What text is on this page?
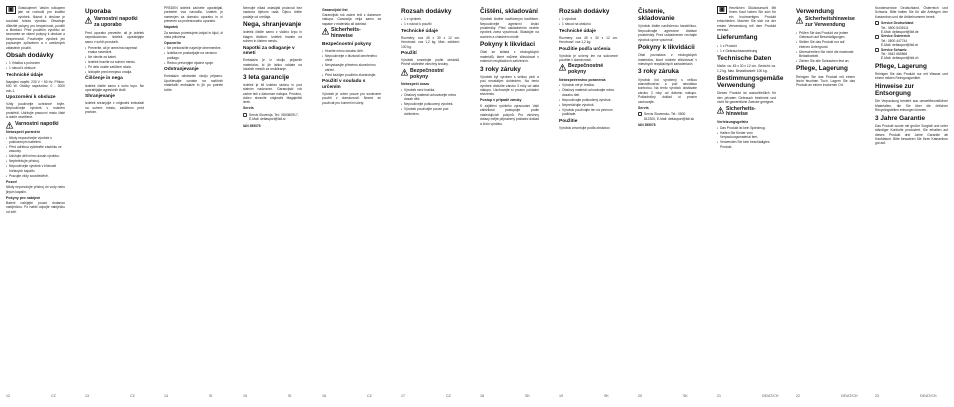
▣	Gratulujeme! Vaším nákupem jste se rozhodli pro kvalitní výrobek. Návod k obsluze je součástí tohoto výrobku. Obsahuje důležité pokyny pro bezpečnost, použití a likvidaci. Před použitím výrobku se seznamte se všemi pokyny k obsluze a bezpečnosti. Používejte výrobek jen popsaným způsobem a v uvedených oblastech použití.

Obsah dodávky
▪ 1 Vrtačka s pohonem
▪ 1 návod k obsluze
Technické údaje

Napájecí napětí: 230 V ~ 50 Hz. Příkon: 600 W. Otáčky naprázdno: 0 - 3000 min-1.

Upozornění k obsluze

Vždy používejte ochranné brýle. Nepoužívejte výrobek v mokrém prostředí. Udržujte pracovní místo čisté a dobře osvětlené.

Varnostni napotki
Nebezpečí poranění
▪ Nikdy nepoužívejte výrobek s poškozeným kabelem.
▪ Před údržbou vytáhněte zástrčku ze zásuvky.
▪ Udržujte děti mimo dosah výrobku.
▪ Nepřetěžujte přístroj.
▪ Nepoužívejte výrobek v blízkosti hořlavých kapalin.
▪ Pracujte vždy soustředěně.
Pozor!

Nikdy neponořujte přístroj do vody nebo jiných kapalin.

Pokyny pro nabíjení

Baterii nabíjejte pouze dodanou nabíječkou. Po nabití odpojte nabíječku od sítě.

Uporaba
Varnostni napotki za uporabo

Pred uporabo preverite, ali je izdelek nepoškodovan. Izdelek uporabljajte samo v suhih prostorih.

▪ Preverite, ali je omrežna napetost enaka navedeni.
▪ Ne vlecite za kabel.
▪ Izdelek hranite na suhem mestu.
▪ Pri delu nosite zaščitne očala.
▪ Izklopite pred menjavo orodja.
Čiščenje in nega

Izdelek čistite samo s suho krpo. Ne uporabljajte agresivnih čistil.

Shranjevanje

Izdelek shranjujte v originalni embalaži na suhem mestu, zaščiteno pred prahom.

PREDEN izdelek začnete uporabljati, preberite vsa navodila. Izdelek je namenjen za domačo uporabo in ni primeren za profesionalno uporabo.

Napotek

Za sestavo potrebujete izvijač in ključ, ki nista priložena.

Opozorilo
▪ Ne prekoračite največje obremenitve.
▪ Izdelka ne postavljajte na neravno podlago.
▪ Redno preverjajte vijačne spoje.
Odstranjevanje

Embalažo odstranite okolju prijazno. Upoštevajte oznake na različnih materialih embalaže in jih po potrebi ločite.

Nemojte nikad ostavljati proizvod bez nadzora tijekom rada. Djecu držite podalje od uređaja.

Nega, shranjevanje

Izdelek čistite samo z vlažno krpo in blagim čistilom. Izdelek hranite na suhem in čistem mestu.

Napotki za odlaganje v smeti

Embalaža je iz okolju prijaznih materialov, ki jih lahko oddate na lokalnih mestih za recikliranje.

3 leta garancije

Izdelek je bil izdelan skrbno in pod stalnim nadzorom. Garancijski rok začne teči z datumom nakupa. Prosimo, dobro shranite originalni blagajniški izrek.

Servis
Servis Slovenija, Tel.: 080080917, E-Mail: deltasport@lidl.si

IAN 355076

Garancijski list

Garancijski rok začne teči z datumom nakupa. Garancija velja samo za napake v materialu ali izdelavi.

Sicherheits-hinweise
Bezpečnostní pokyny
▪ Hranite mimo dosahu dětí.
▪ Nepoužívejte v blízkosti otevřeného ohně.
▪ Nevystavujte přímému slunečnímu záření.
▪ Před každým použitím zkontrolujte.
Použití v souladu s určením

Výrobek je určen pouze pro soukromé použití v domácnosti. Nesmí se používat pro komerční účely.

Rozsah dodávky
▪ 1 x výrobek
▪ 1 x návod k použití
Technické údaje

Rozměry: cca 45 x 30 x 12 cm. Hmotnost: cca 1,2 kg. Max. zatížení: 100 kg.

Použití

Výrobek smontujte podle obrázků. Pevně utáhněte všechny šrouby.

Bezpečnostní pokyny
Nebezpečí úrazu
▪ Výrobek není hračka.
▪ Obalový materiál uchovávejte mimo dosah dětí.
▪ Nepoužívejte poškozený výrobek.
▪ Výrobek používejte pouze pod dohledem.
Čištění, skladování

Výrobek čistěte navlhčeným hadříkem. Nepoužívejte agresivní čisticí prostředky. Před uskladněním nechte výrobek zcela vyschnout. Skladujte na suchém a chladném místě.

Pokyny k likvidaci

Obal se skládá z ekologických materiálů, které můžete zlikvidovat v místních recyklačních zařízeních.

3 roky záruky

Výrobek byl vyroben s velkou péčí a pod neustálým dohledem. Na tento výrobek obdržíte záruku 3 roky od data nákupu. Uschovejte si prosím pokladní stvrzenku.

Postup v případě záruky

K zajištění rychlého zpracování Vaší záležitosti postupujte podle následujících pokynů: Pro všechny dotazy mějte připravený pokladní doklad a číslo výrobku.

Rozsah dodávky
▪ 1 výrobok
▪ 1 návod na obsluhu
Technické údaje

Rozmery: cca 45 x 30 x 12 cm. Hmotnosť: cca 1,2 kg.

Použitie podľa určenia

Výrobok je určený len na súkromné použitie v domácnosti.

Bezpečnostné pokyny
Nebezpečenstvo poranenia
▪ Výrobok nie je hračka.
▪ Obalový materiál uchovávajte mimo dosahu detí.
▪ Nepoužívajte poškodený výrobok.
▪ Nepreťažujte výrobok.
▪ Výrobok používajte len na pevnom podklade.
Použitie

Výrobok zmontujte podľa obrázkov.

Čistenie, skladovanie

Výrobok čistite navlhčenou handričkou. Nepoužívajte agresívne čistiace prostriedky. Pred uskladnením nechajte výrobok úplne vyschnúť.

Pokyny k likvidácii

Obal pozostáva z ekologických materiálov, ktoré môžete zlikvidovať v miestnych recyklačných zariadeniach.

3 roky záruka

Výrobok bol vyrobený s veľkou starostlivosťou a pod neustálou kontrolou. Na tento výrobok dostávate záruku 3 roky od dátumu nákupu. Pokladničný doklad si prosím uschovajte.

Servis
Servis Slovensko, Tel.: 0800 812300, E-Mail: deltasport@lidl.sk

IAN 355076

▣	Herzlichen Glückwunsch! Mit Ihrem Kauf haben Sie sich für ein hochwertiges Produkt entschieden. Machen Sie sich vor der ersten Verwendung mit dem Produkt vertraut.

Lieferumfang
▪ 1 x Produkt
▪ 1 x Gebrauchsanweisung
Technische Daten

Maße: ca. 45 x 30 x 12 cm. Gewicht: ca. 1,2 kg. Max. Belastbarkeit: 100 kg.

Bestimmungsgemäße Verwendung

Dieses Produkt ist ausschließlich für den privaten Gebrauch bestimmt und nicht für gewerbliche Zwecke geeignet.

Sicherheits-hinweise
Verletzungsgefahr
▪ Das Produkt ist kein Spielzeug.
▪ Halten Sie Kinder vom Verpackungsmaterial fern.
▪ Verwenden Sie kein beschädigtes Produkt.
Verwendung
Sicherheitshinweise zur Verwendung
▪ Prüfen Sie das Produkt vor jedem Gebrauch auf Beschädigungen.
▪ Stellen Sie das Produkt nur auf ebenen Untergrund.
▪ Überschreiten Sie nicht die maximale Belastbarkeit.
▪ Ziehen Sie alle Schrauben fest an.
Pflege, Lagerung

Reinigen Sie das Produkt mit einem leicht feuchten Tuch. Lagern Sie das Produkt an einem trockenen Ort.

Kundenservice Deutschland, Österreich und Schweiz. Bitte halten Sie für alle Anfragen den Kassenbon und die Artikelnummer bereit.

Service Deutschland
Tel.: 0800 5435111
E-Mail: deltasport@lidl.de
Service Österreich
Tel.: 0800 447744
E-Mail: deltasport@lidl.at
Service Schweiz
Tel.: 0842 665566
E-Mail: deltasport@lidl.ch
Pflege, Lagerung

Reinigen Sie das Produkt nur mit Wasser und einem milden Reinigungsmittel.

Hinweise zur Entsorgung

Die Verpackung besteht aus umweltfreundlichen Materialien, die Sie über die örtlichen Recyclingstellen entsorgen können.

3 Jahre Garantie

Das Produkt wurde mit großer Sorgfalt und unter ständiger Kontrolle produziert. Sie erhalten auf dieses Produkt drei Jahre Garantie ab Kaufdatum. Bitte bewahren Sie Ihren Kassenbon gut auf.

12	CZ	13	CZ	14	SI	15	SI	16	CZ	17	CZ	18	SK	19	SK	20	SK	21	DE/AT/CH	22	DE/AT/CH	23	DE/AT/CH
